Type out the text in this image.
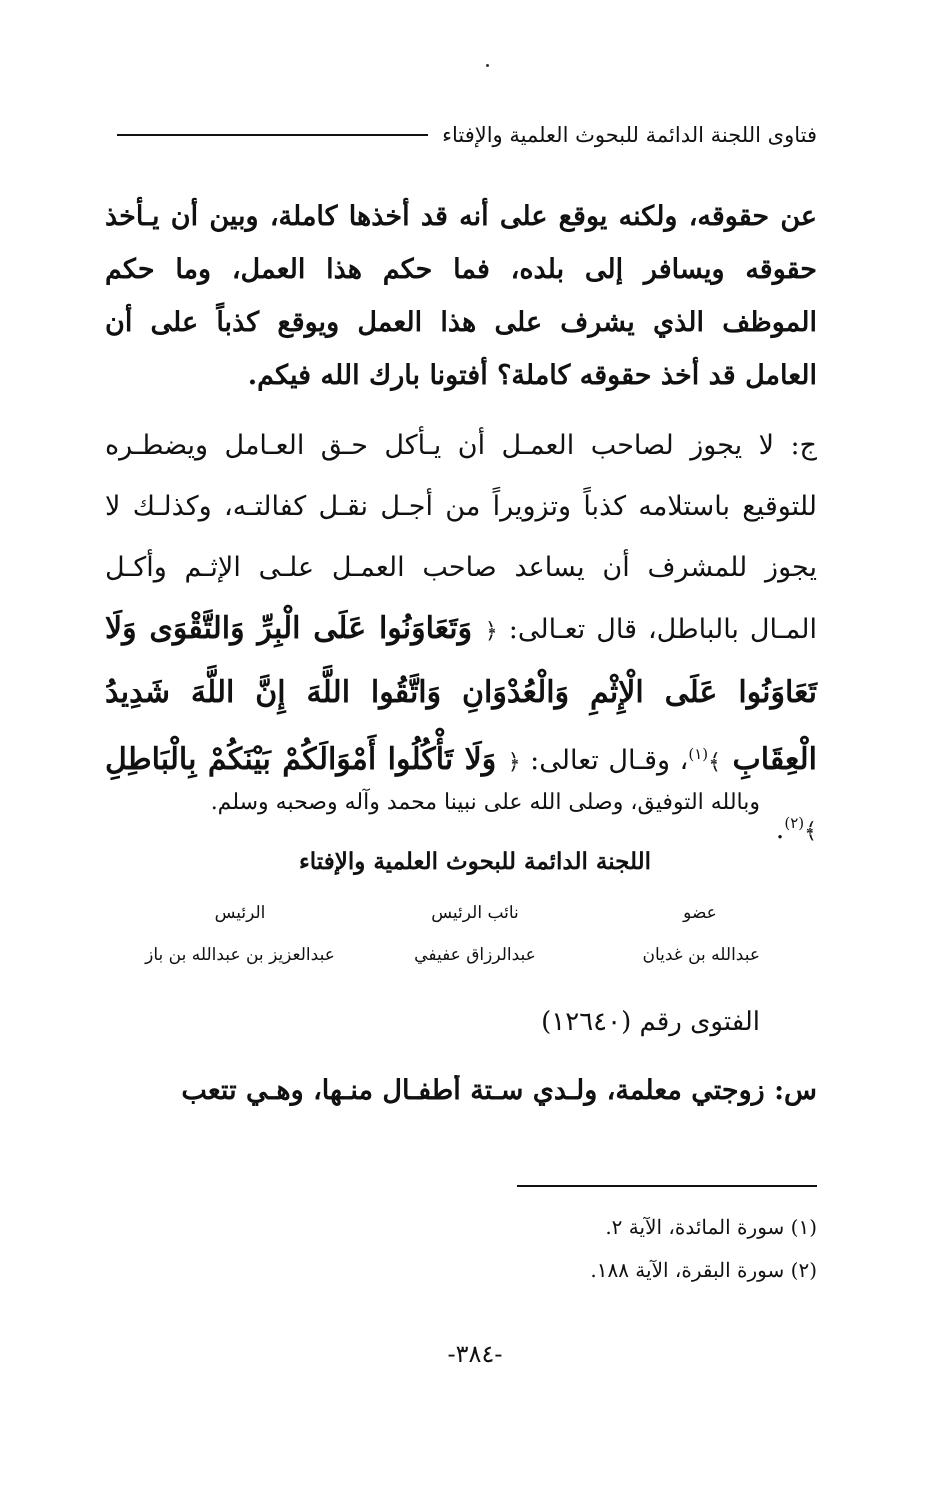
فتاوى اللجنة الدائمة للبحوث العلمية والإفتاء
عن حقوقه، ولكنه يوقع على أنه قد أخذها كاملة، وبين أن يـأخذ حقوقه ويسافر إلى بلده، فما حكم هذا العمل، وما حكم الموظف الذي يشرف على هذا العمل ويوقع كذباً على أن العامل قد أخذ حقوقه كاملة؟ أفتونا بارك الله فيكم.
ج: لا يجوز لصاحب العمـل أن يـأكل حـق العـامل ويضطـره للتوقيع باستلامه كذباً وتزويراً من أجـل نقـل كفالتـه، وكذلـك لا يجوز للمشرف أن يساعد صاحب العمـل علـى الإثـم وأكـل المـال بالباطل، قال تعـالى: ﴿ وَتَعَاوَنُوا عَلَى الْبِرِّ وَالتَّقْوَى وَلَا تَعَاوَنُوا عَلَى الْإِثْمِ وَالْعُدْوَانِ وَاتَّقُوا اللَّهَ إِنَّ اللَّهَ شَدِيدُ الْعِقَابِ ﴾$^{(١)}$، وقـال تعالى: ﴿ وَلَا تَأْكُلُوا أَمْوَالَكُمْ بَيْنَكُمْ بِالْبَاطِلِ ﴾$^{(٢)}$.
وبالله التوفيق، وصلى الله على نبينا محمد وآله وصحبه وسلم.
اللجنة الدائمة للبحوث العلمية والإفتاء
عضو
عبدالله بن غديان
نائب الرئيس
عبدالرزاق عفيفي
الرئيس
عبدالعزيز بن عبدالله بن باز
الفتوى رقم (١٢٦٤٠)
س: زوجتي معلمة، ولـدي سـتة أطفـال منـها، وهـي تتعب
(١) سورة المائدة، الآية ٢.
(٢) سورة البقرة، الآية ١٨٨.
-٣٨٤-
